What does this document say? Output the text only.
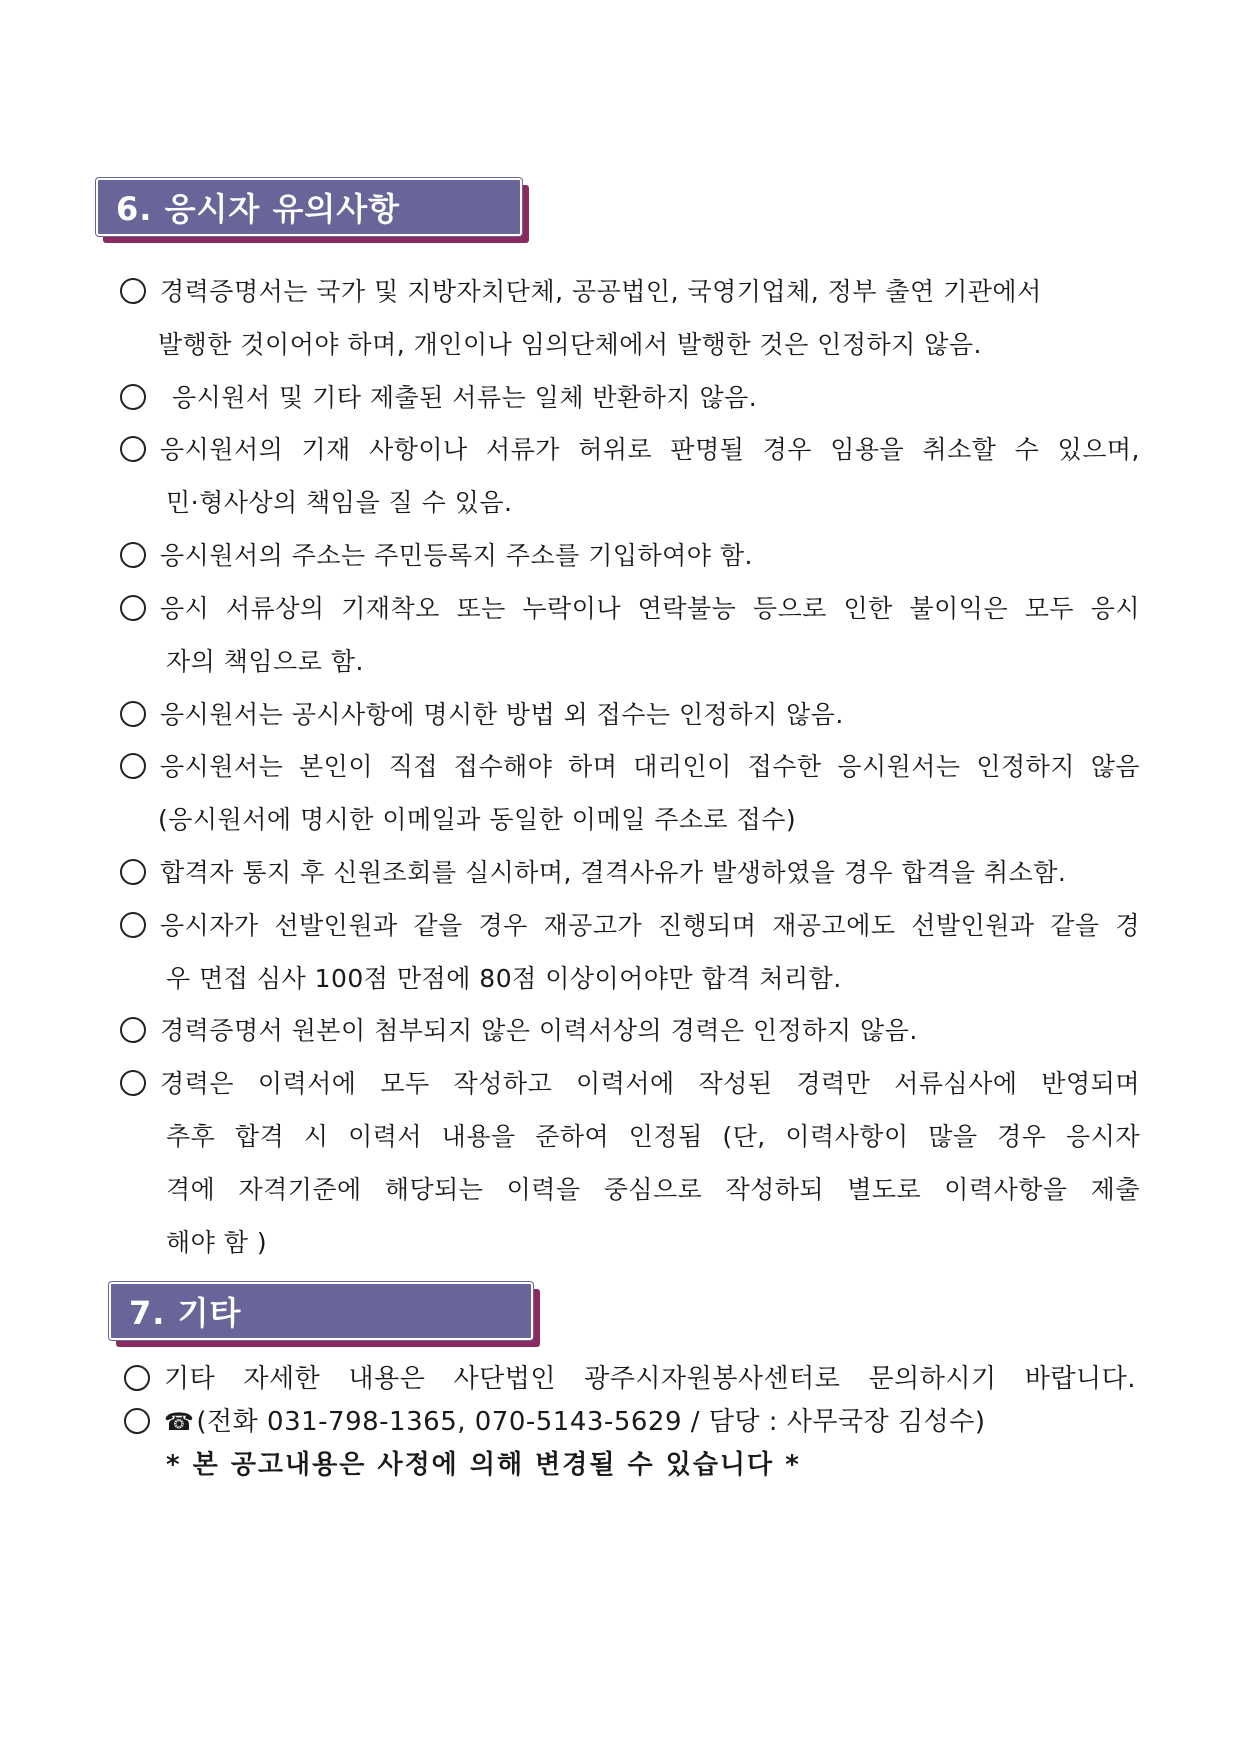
6. 응시자 유의사항
경력증명서는 국가 및 지방자치단체, 공공법인, 국영기업체, 정부 출연 기관에서
발행한 것이어야 하며, 개인이나 임의단체에서 발행한 것은 인정하지 않음.
응시원서 및 기타 제출된 서류는 일체 반환하지 않음.
응시원서의 기재 사항이나 서류가 허위로 판명될 경우 임용을 취소할 수 있으며,
민·형사상의 책임을 질 수 있음.
응시원서의 주소는 주민등록지 주소를 기입하여야 함.
응시 서류상의 기재착오 또는 누락이나 연락불능 등으로 인한 불이익은 모두 응시
자의 책임으로 함.
응시원서는 공시사항에 명시한 방법 외 접수는 인정하지 않음.
응시원서는 본인이 직접 접수해야 하며 대리인이 접수한 응시원서는 인정하지 않음
(응시원서에 명시한 이메일과 동일한 이메일 주소로 접수)
합격자 통지 후 신원조회를 실시하며, 결격사유가 발생하였을 경우 합격을 취소함.
응시자가 선발인원과 같을 경우 재공고가 진행되며 재공고에도 선발인원과 같을 경
우 면접 심사 100점 만점에 80점 이상이어야만 합격 처리함.
경력증명서 원본이 첨부되지 않은 이력서상의 경력은 인정하지 않음.
경력은 이력서에 모두 작성하고 이력서에 작성된 경력만 서류심사에 반영되며
추후 합격 시 이력서 내용을 준하여 인정됨 (단, 이력사항이 많을 경우 응시자
격에 자격기준에 해당되는 이력을 중심으로 작성하되 별도로 이력사항을 제출
해야 함 )
7. 기타
기타 자세한 내용은 사단법인 광주시자원봉사센터로 문의하시기 바랍니다.
☎(전화 031-798-1365, 070-5143-5629 / 담당 : 사무국장 김성수)
* 본 공고내용은 사정에 의해 변경될 수 있습니다 *
